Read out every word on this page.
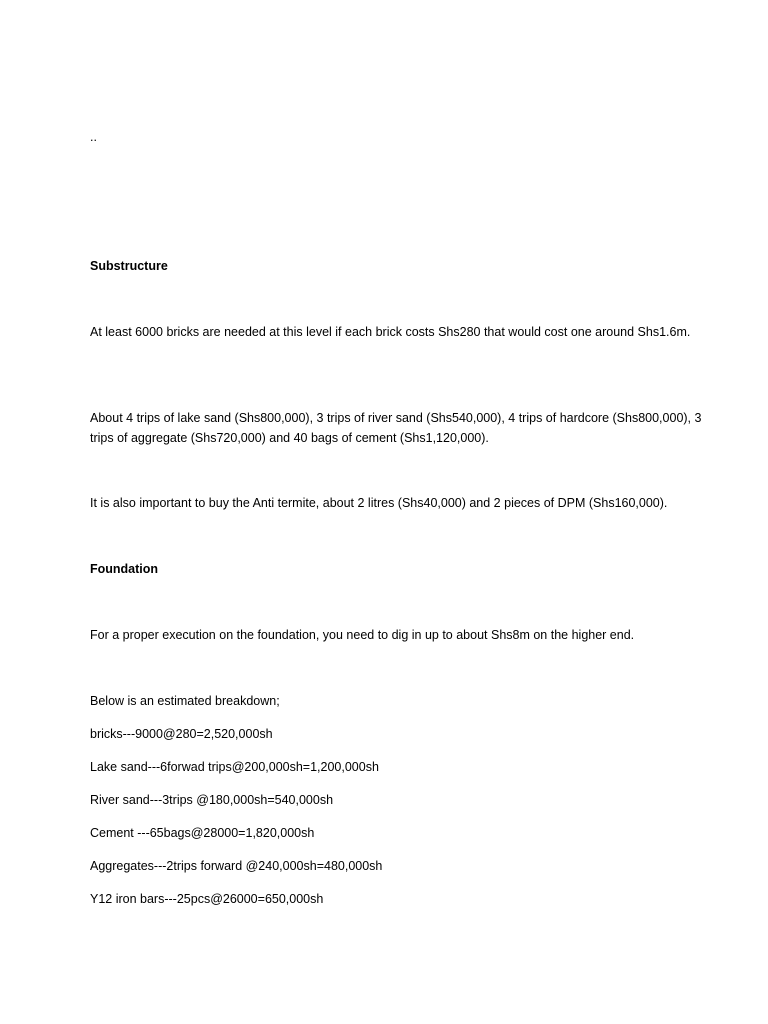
..
Substructure
At least 6000 bricks are needed at this level if each brick costs Shs280 that would cost one around Shs1.6m.
About 4 trips of lake sand (Shs800,000), 3 trips of river sand (Shs540,000), 4 trips of hardcore (Shs800,000), 3 trips of aggregate (Shs720,000) and 40 bags of cement (Shs1,120,000).
It is also important to buy the Anti termite, about 2 litres (Shs40,000) and 2 pieces of DPM (Shs160,000).
Foundation
For a proper execution on the foundation, you need to dig in up to about Shs8m on the higher end.
Below is an estimated breakdown;
bricks---9000@280=2,520,000sh
Lake sand---6forwad trips@200,000sh=1,200,000sh
River sand---3trips @180,000sh=540,000sh
Cement ---65bags@28000=1,820,000sh
Aggregates---2trips forward @240,000sh=480,000sh
Y12 iron bars---25pcs@26000=650,000sh
